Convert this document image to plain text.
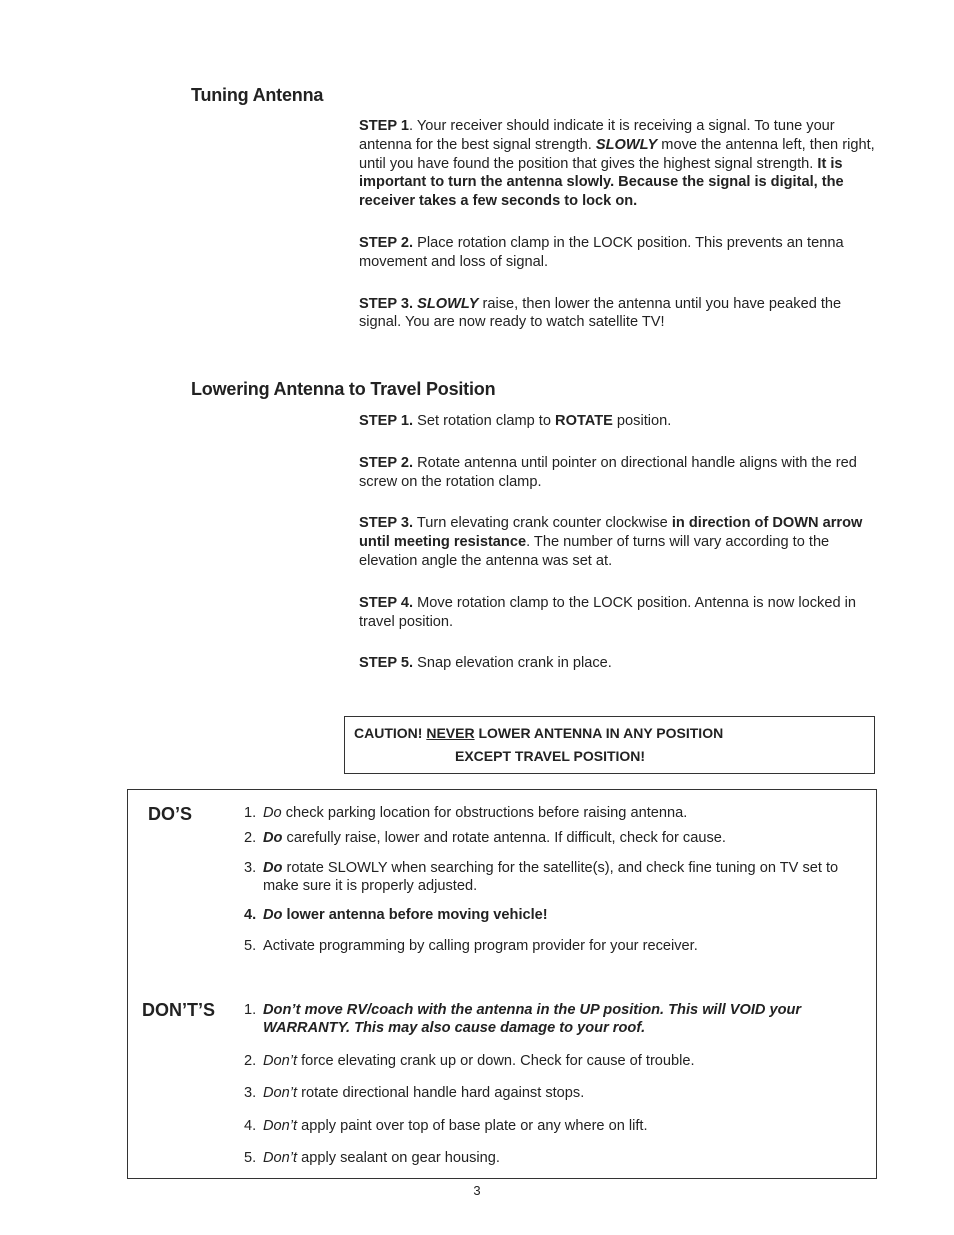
Tuning Antenna

STEP 1. Your receiver should indicate it is receiving a signal. To tune your antenna for the best signal strength. SLOWLY move the antenna left, then right, until you have found the position that gives the highest signal strength. It is important to turn the antenna slowly. Because the signal is digital, the receiver takes a few seconds to lock on.

STEP 2. Place rotation clamp in the LOCK position. This prevents an tenna movement and loss of signal.

STEP 3. SLOWLY raise, then lower the antenna until you have peaked the signal. You are now ready to watch satellite TV!

Lowering Antenna to Travel Position

STEP 1. Set rotation clamp to ROTATE position.

STEP 2. Rotate antenna until pointer on directional handle aligns with the red screw on the rotation clamp.

STEP 3. Turn elevating crank counter clockwise in direction of DOWN arrow until meeting resistance. The number of turns will vary according to the elevation angle the antenna was set at.

STEP 4. Move rotation clamp to the LOCK position. Antenna is now locked in travel position.

STEP 5. Snap elevation crank in place.

CAUTION! NEVER LOWER ANTENNA IN ANY POSITION
EXCEPT TRAVEL POSITION!
DO’S	1. Do check parking location for obstructions before raising antenna.
2. Do carefully raise, lower and rotate antenna. If difficult, check for cause.
3. Do rotate SLOWLY when searching for the satellite(s), and check fine tuning on TV set to make sure it is properly adjusted.
4. Do lower antenna before moving vehicle!
5. Activate programming by calling program provider for your receiver.
DON’T’S 1. Don’t move RV/coach with the antenna in the UP position. This will VOID your WARRANTY. This may also cause damage to your roof.
2. Don’t force elevating crank up or down. Check for cause of trouble.
3. Don’t rotate directional handle hard against stops.
4. Don’t apply paint over top of base plate or any where on lift.
5. Don’t apply sealant on gear housing.
3
